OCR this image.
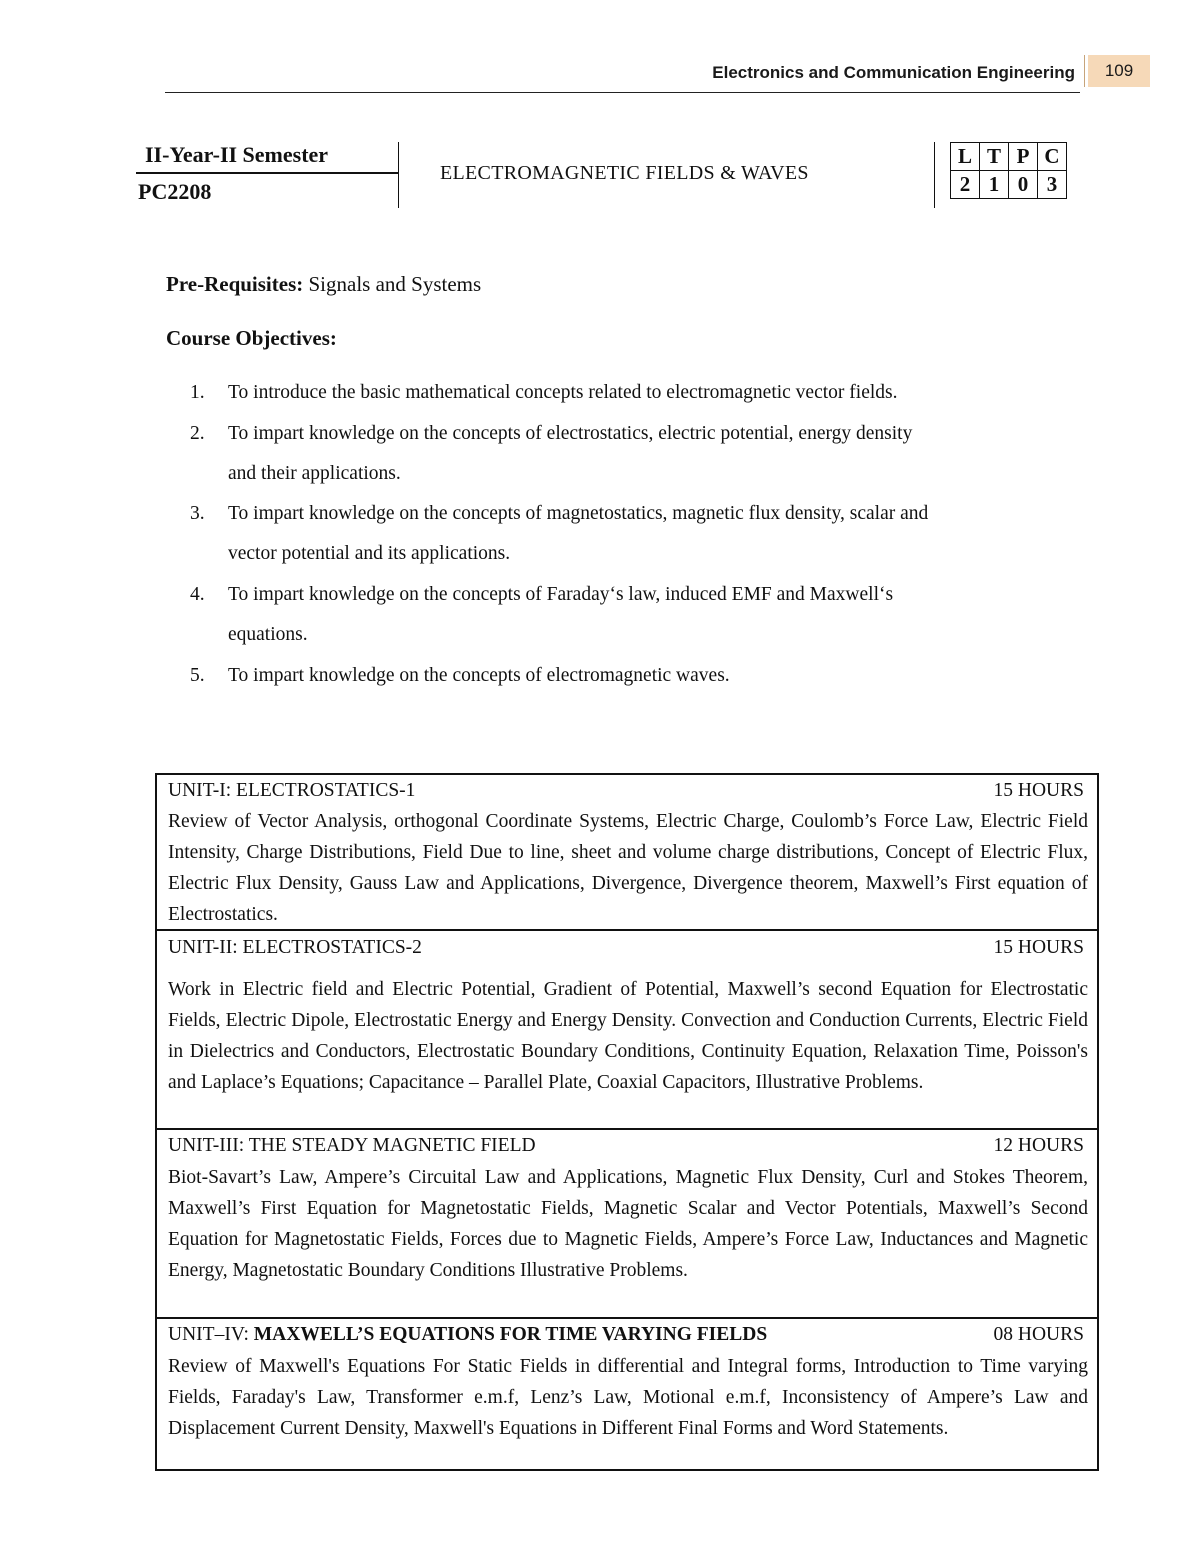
Electronics and Communication Engineering	109
II-Year-II Semester
PC2208
ELECTROMAGNETIC FIELDS & WAVES
L	T	P	C
2	1	0	3
Pre-Requisites: Signals and Systems
Course Objectives:
1.	To introduce the basic mathematical concepts related to electromagnetic vector fields.
2.	To impart knowledge on the concepts of electrostatics, electric potential, energy density
and their applications.
3.	To impart knowledge on the concepts of magnetostatics, magnetic flux density, scalar and
vector potential and its applications.
4.	To impart knowledge on the concepts of Faraday‘s law, induced EMF and Maxwell‘s
equations.
5.	To impart knowledge on the concepts of electromagnetic waves.
UNIT-I: ELECTROSTATICS-1	15 HOURS
Review of Vector Analysis, orthogonal Coordinate Systems, Electric Charge, Coulomb’s Force Law, Electric Field Intensity, Charge Distributions, Field Due to line, sheet and volume charge distributions, Concept of Electric Flux, Electric Flux Density, Gauss Law and Applications, Divergence, Divergence theorem, Maxwell’s First equation of Electrostatics.
UNIT-II: ELECTROSTATICS-2	15 HOURS
Work in Electric field and Electric Potential, Gradient of Potential, Maxwell’s second Equation for Electrostatic Fields, Electric Dipole, Electrostatic Energy and Energy Density. Convection and Conduction Currents, Electric Field in Dielectrics and Conductors, Electrostatic Boundary Conditions, Continuity Equation, Relaxation Time, Poisson's and Laplace’s Equations; Capacitance – Parallel Plate, Coaxial Capacitors, Illustrative Problems.
UNIT-III: THE STEADY MAGNETIC FIELD	12 HOURS
Biot-Savart’s Law, Ampere’s Circuital Law and Applications, Magnetic Flux Density, Curl and Stokes Theorem, Maxwell’s First Equation for Magnetostatic Fields, Magnetic Scalar and Vector Potentials, Maxwell’s Second Equation for Magnetostatic Fields, Forces due to Magnetic Fields, Ampere’s Force Law, Inductances and Magnetic Energy, Magnetostatic Boundary Conditions Illustrative Problems.
UNIT–IV: MAXWELL’S EQUATIONS FOR TIME VARYING FIELDS	08 HOURS
Review of Maxwell's Equations For Static Fields in differential and Integral forms, Introduction to Time varying Fields, Faraday's Law, Transformer e.m.f, Lenz’s Law, Motional e.m.f, Inconsistency of Ampere’s Law and Displacement Current Density, Maxwell's Equations in Different Final Forms and Word Statements.
